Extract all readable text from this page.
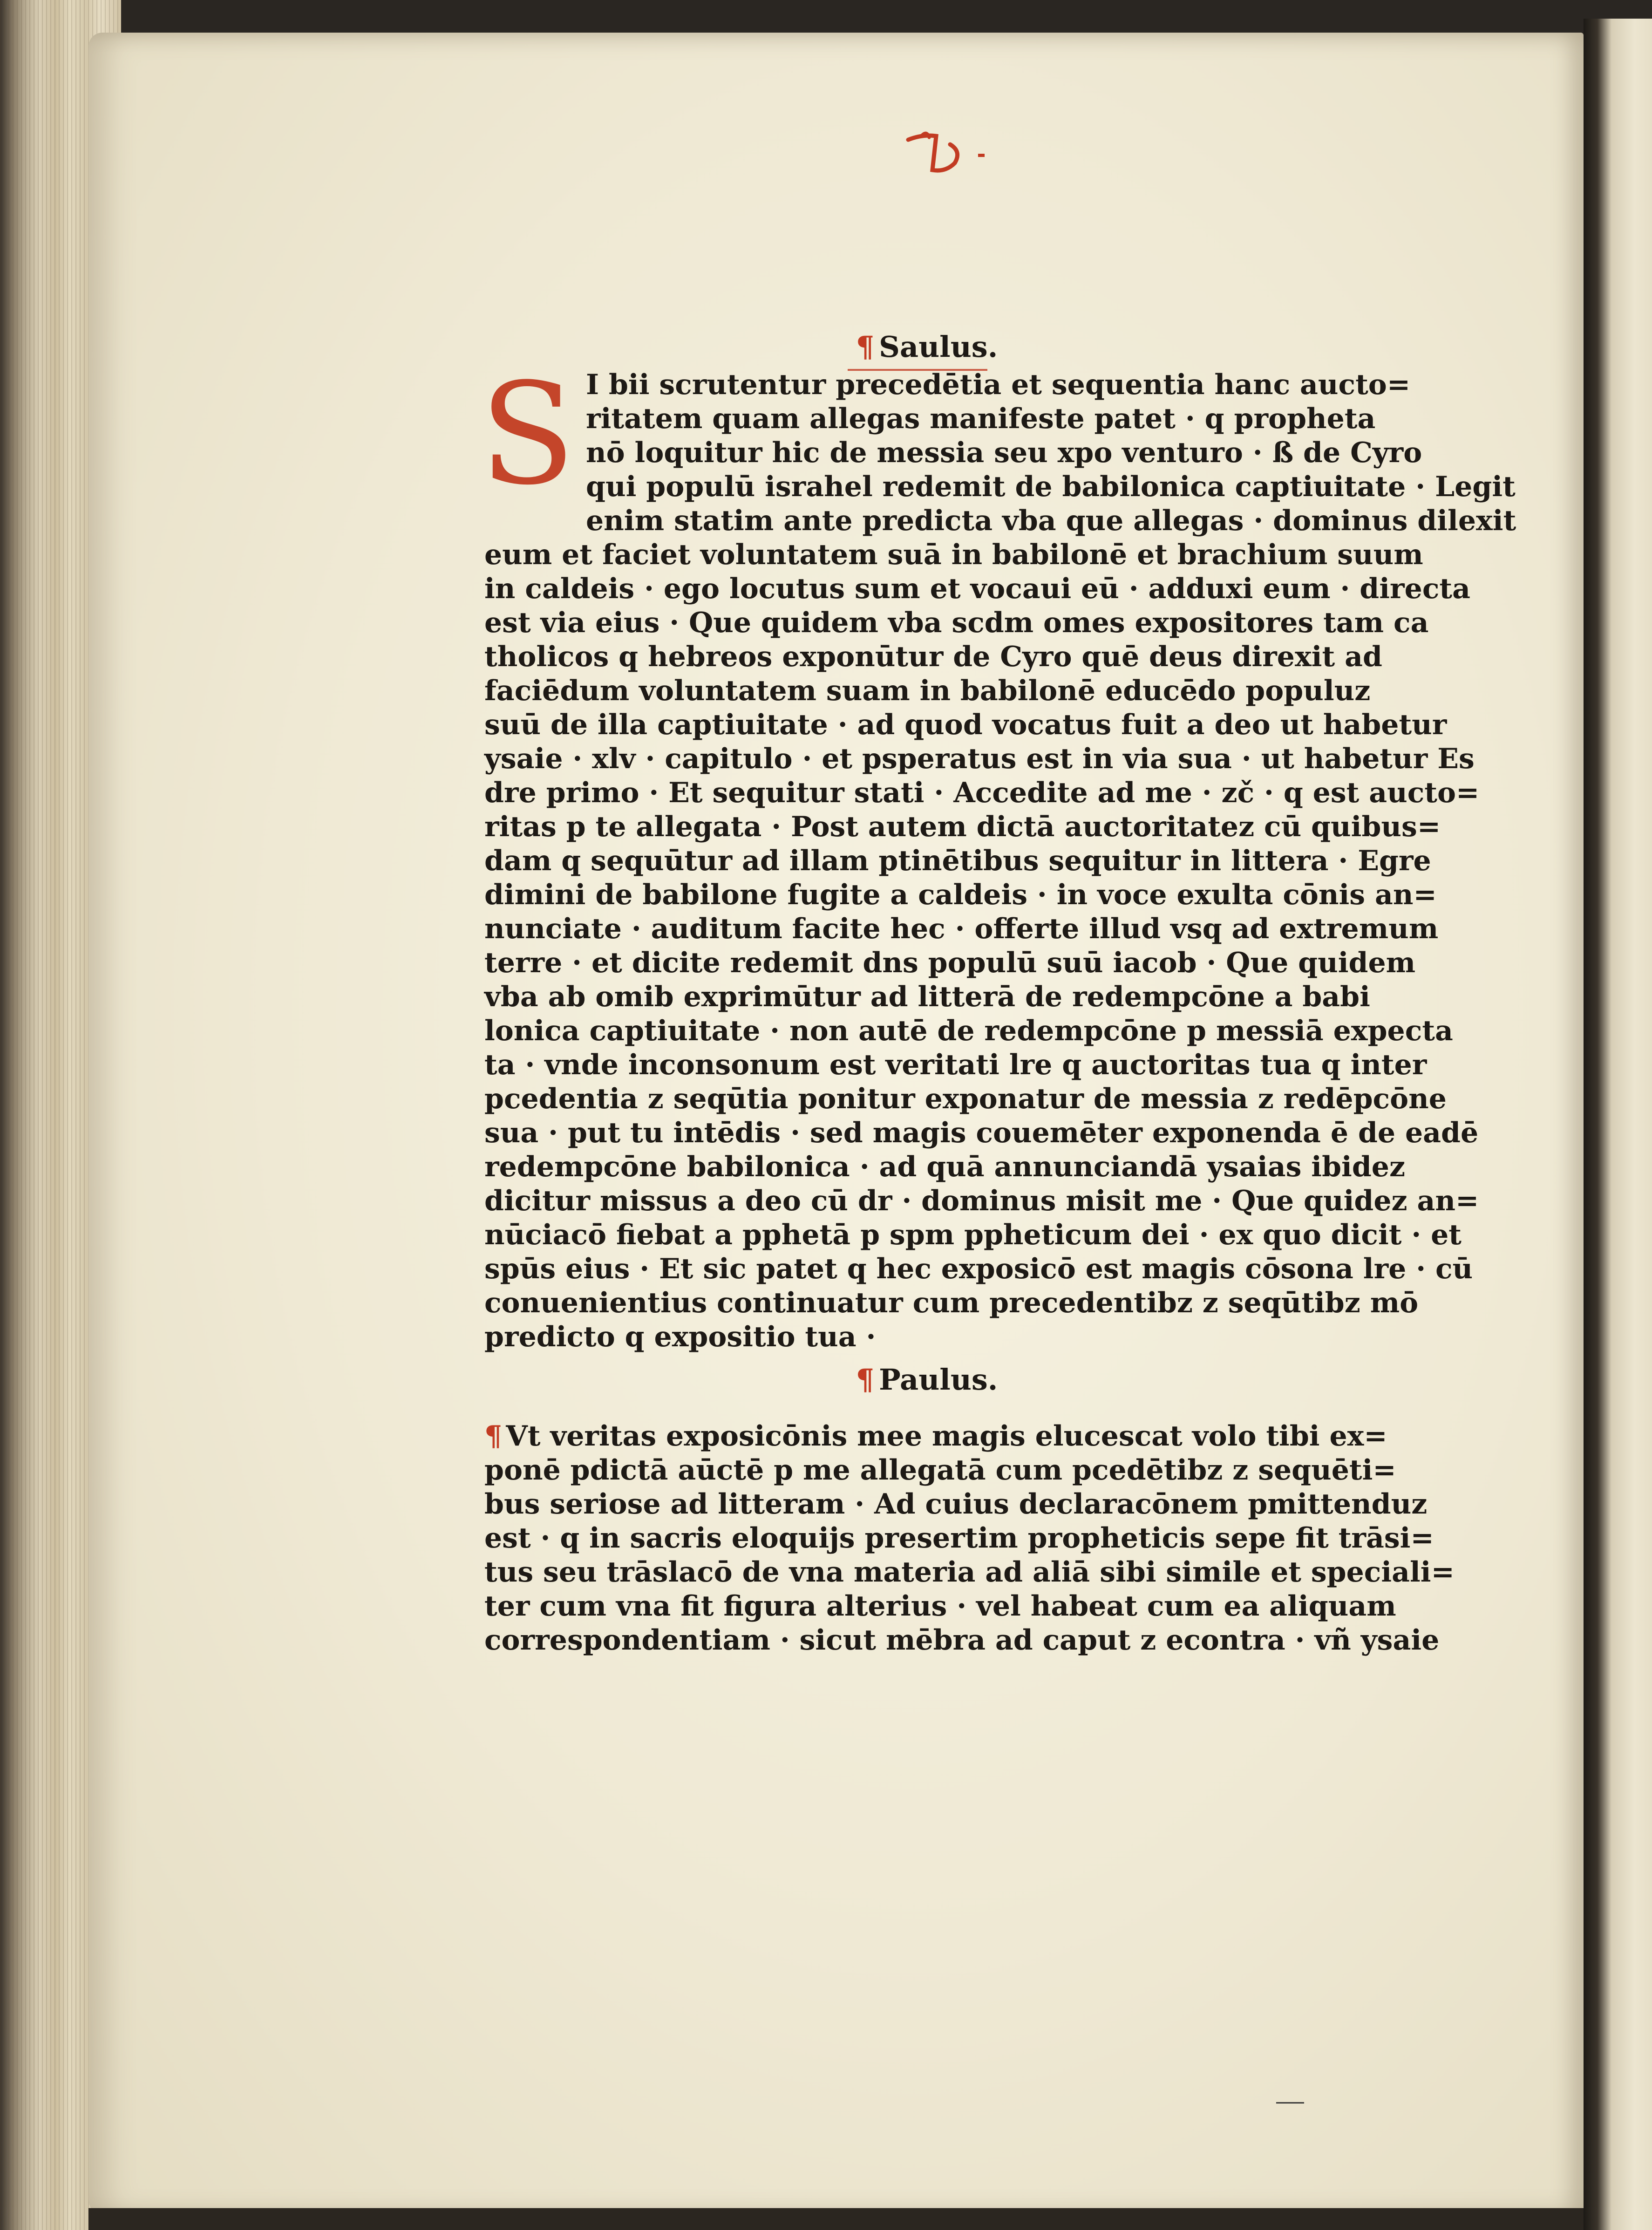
¶ Saulus.
S I bii scrutentur precedētia et sequentia hanc aucto=
ritatem quam allegas manifeste patet · q propheta
nō loquitur hic de messia seu xpo venturo · ß de Cyro
qui populū israhel redemit de babilonica captiuitate · Legit
enim statim ante predicta vba que allegas · dominus dilexit
eum et faciet voluntatem suā in babilonē et brachium suum
in caldeis · ego locutus sum et vocaui eū · adduxi eum · directa
est via eius · Que quidem vba scdm omes expositores tam ca
tholicos q hebreos exponūtur de Cyro quē deus direxit ad
faciēdum voluntatem suam in babilonē educēdo populuz
suū de illa captiuitate · ad quod vocatus fuit a deo ut habetur
ysaie · xlv · capitulo · et psperatus est in via sua · ut habetur Es
dre primo · Et sequitur stati · Accedite ad me · zč · q est aucto=
ritas p te allegata · Post autem dictā auctoritatez cū quibus=
dam q sequūtur ad illam ptinētibus sequitur in littera · Egre
dimini de babilone fugite a caldeis · in voce exulta cōnis an=
nunciate · auditum facite hec · offerte illud vsq ad extremum
terre · et dicite redemit dns populū suū iacob · Que quidem
vba ab omib exprimūtur ad litterā de redempcōne a babi
lonica captiuitate · non autē de redempcōne p messiā expecta
ta · vnde inconsonum est veritati lre q auctoritas tua q inter
pcedentia z seqūtia ponitur exponatur de messia z redēpcōne
sua · put tu intēdis · sed magis couemēter exponenda ē de eadē
redempcōne babilonica · ad quā annunciandā ysaias ibidez
dicitur missus a deo cū dr · dominus misit me · Que quidez an=
nūciacō fiebat a pphetā p spm ppheticum dei · ex quo dicit · et
spūs eius · Et sic patet q hec exposicō est magis cōsona lre · cū
conuenientius continuatur cum precedentibz z seqūtibz mō
predicto q expositio tua ·
¶ Paulus.
¶ Vt veritas exposicōnis mee magis elucescat volo tibi ex=
ponē pdictā aūctē p me allegatā cum pcedētibz z sequēti=
bus seriose ad litteram · Ad cuius declaracōnem pmittenduz
est · q in sacris eloquijs presertim propheticis sepe fit trāsi=
tus seu trāslacō de vna materia ad aliā sibi simile et speciali=
ter cum vna fit figura alterius · vel habeat cum ea aliquam
correspondentiam · sicut mēbra ad caput z econtra · vñ ysaie
